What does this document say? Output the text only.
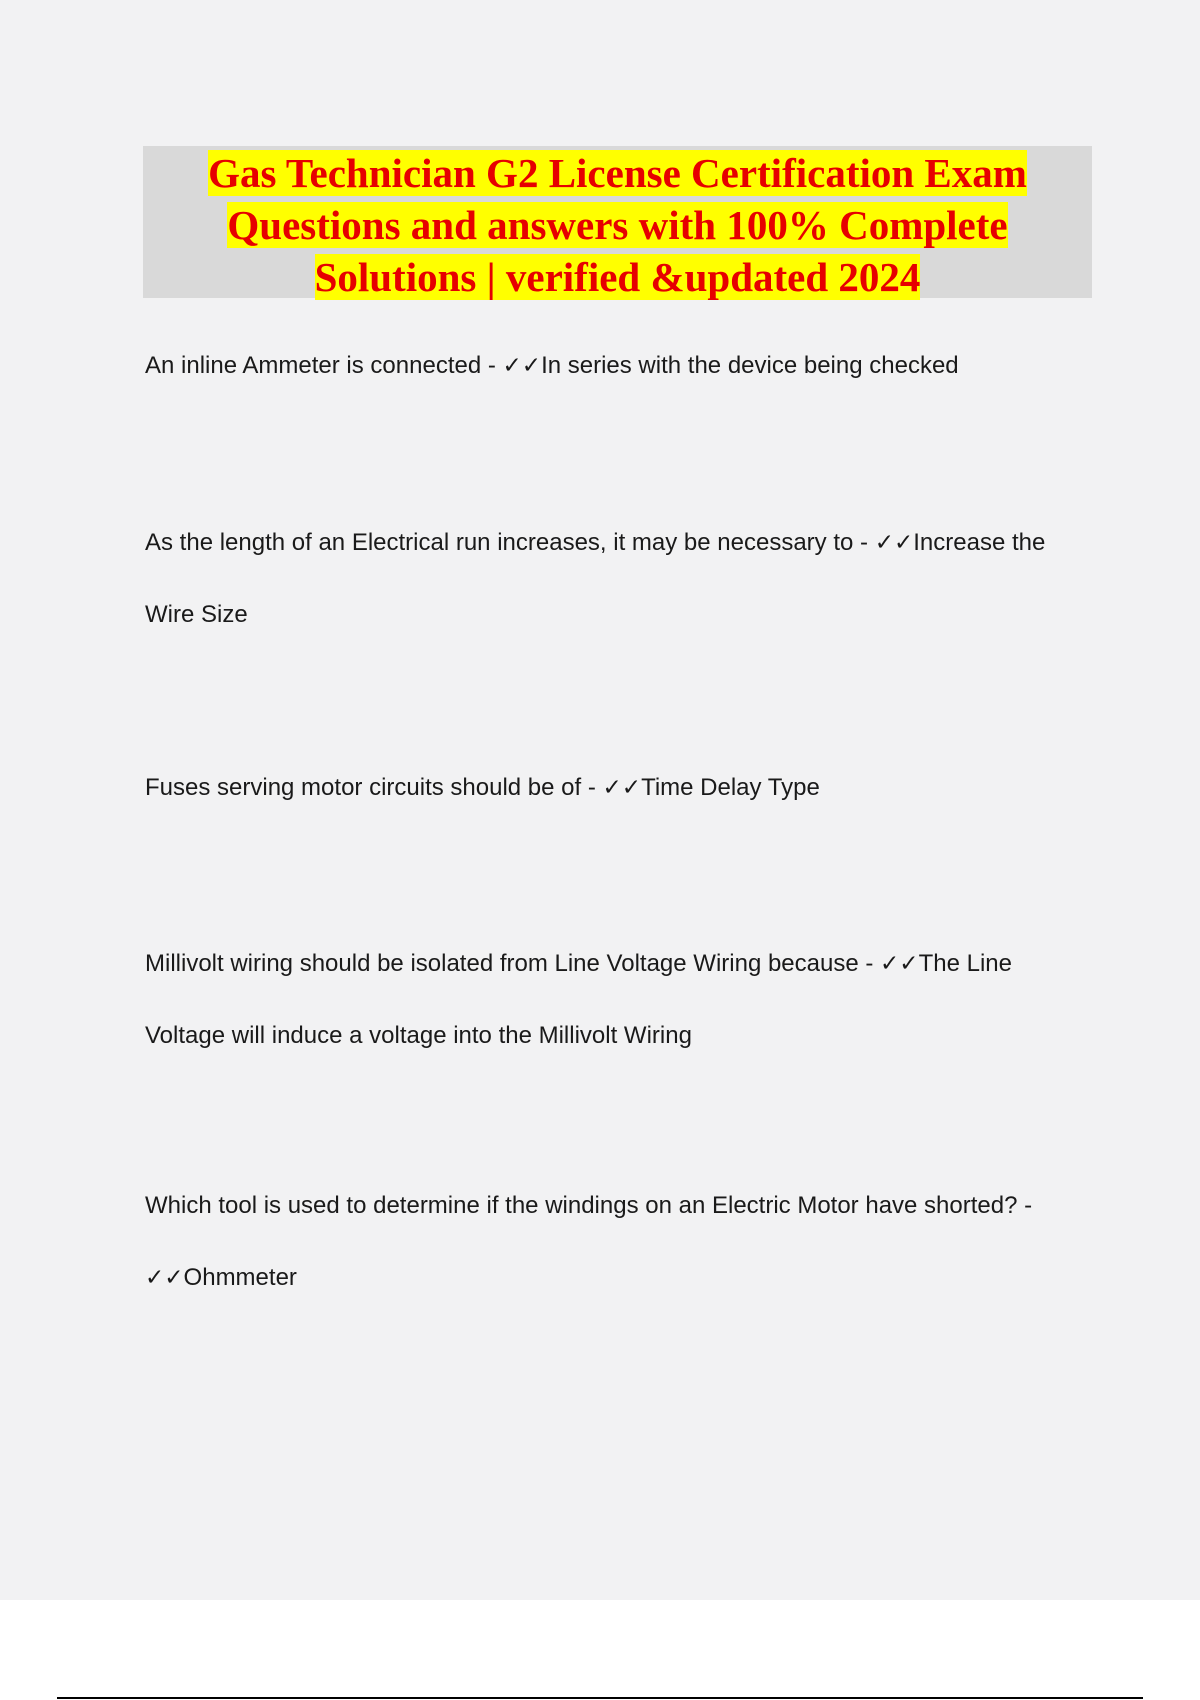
Gas Technician G2 License Certification Exam Questions and answers with 100% Complete Solutions | verified &updated 2024

An inline Ammeter is connected - ✓✓In series with the device being checked

As the length of an Electrical run increases, it may be necessary to - ✓✓Increase the Wire Size

Fuses serving motor circuits should be of - ✓✓Time Delay Type

Millivolt wiring should be isolated from Line Voltage Wiring because - ✓✓The Line Voltage will induce a voltage into the Millivolt Wiring

Which tool is used to determine if the windings on an Electric Motor have shorted? - ✓✓Ohmmeter
